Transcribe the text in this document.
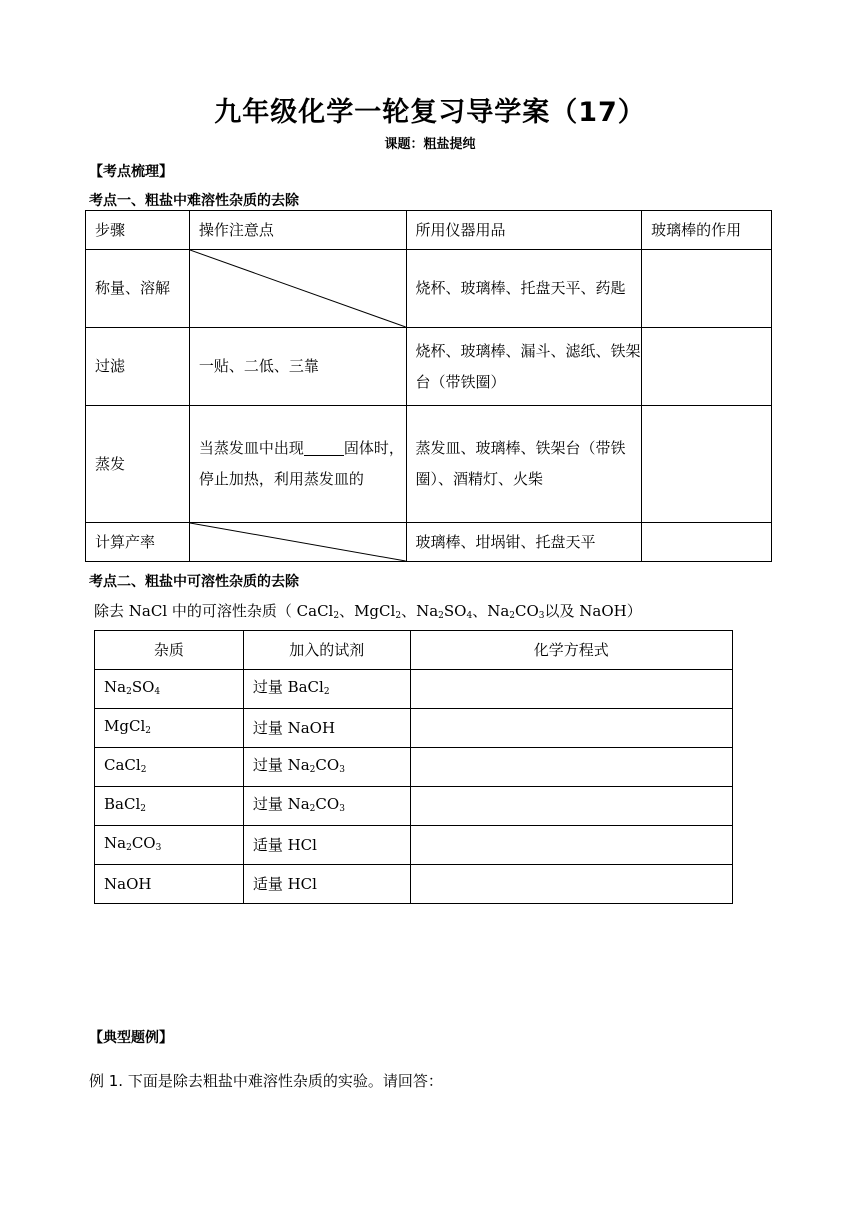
九年级化学一轮复习导学案（17）
课题：粗盐提纯
【考点梳理】
考点一、粗盐中难溶性杂质的去除
步骤	操作注意点	所用仪器用品	玻璃棒的作用
称量、溶解		烧杯、玻璃棒、托盘天平、药匙	
过滤	一贴、二低、三靠	烧杯、玻璃棒、漏斗、滤纸、铁架台（带铁圈）	
蒸发	当蒸发皿中出现 固体时，停止加热，利用蒸发皿的	蒸发皿、玻璃棒、铁架台（带铁圈）、酒精灯、火柴	
计算产率		玻璃棒、坩埚钳、托盘天平	
考点二、粗盐中可溶性杂质的去除
除去 NaCl 中的可溶性杂质（ CaCl$_2$、MgCl$_2$、$Na_2SO_4$、$Na_2CO_3$以及 NaOH）
杂质	加入的试剂	化学方程式
$Na_2SO_4$	过量 BaCl$_2$	
MgCl$_2$	过量 NaOH	
CaCl$_2$	过量 $Na_2CO_3$	
BaCl$_2$	过量 $Na_2CO_3$	
$Na_2CO_3$	适量 HCl	
NaOH	适量 HCl	
【典型题例】
例 1. 下面是除去粗盐中难溶性杂质的实验。请回答：
